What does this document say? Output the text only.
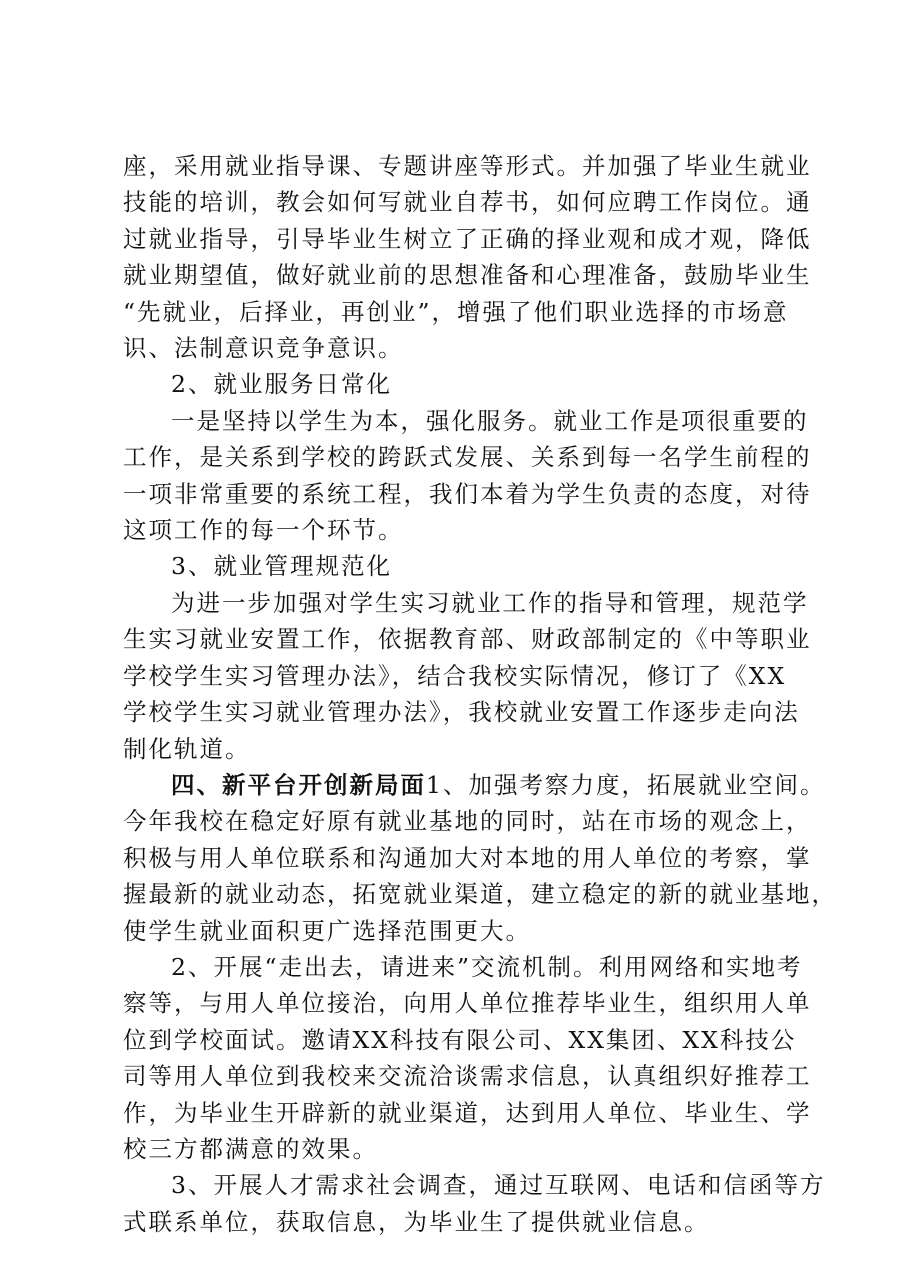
座，采用就业指导课、专题讲座等形式。并加强了毕业生就业
技能的培训，教会如何写就业自荐书，如何应聘工作岗位。通
过就业指导，引导毕业生树立了正确的择业观和成才观，降低
就业期望值，做好就业前的思想准备和心理准备，鼓励毕业生
“先就业，后择业，再创业”，增强了他们职业选择的市场意
识、法制意识竞争意识。

2、就业服务日常化

一是坚持以学生为本，强化服务。就业工作是项很重要的
工作，是关系到学校的跨跃式发展、关系到每一名学生前程的
一项非常重要的系统工程，我们本着为学生负责的态度，对待
这项工作的每一个环节。

3、就业管理规范化

为进一步加强对学生实习就业工作的指导和管理，规范学
生实习就业安置工作，依据教育部、财政部制定的《中等职业
学校学生实习管理办法》，结合我校实际情况，修订了《XX
学校学生实习就业管理办法》，我校就业安置工作逐步走向法
制化轨道。

四、新平台开创新局面1、加强考察力度，拓展就业空间。
今年我校在稳定好原有就业基地的同时，站在市场的观念上，
积极与用人单位联系和沟通加大对本地的用人单位的考察，掌
握最新的就业动态，拓宽就业渠道，建立稳定的新的就业基地，
使学生就业面积更广选择范围更大。

2、开展“走出去，请进来”交流机制。利用网络和实地考
察等，与用人单位接治，向用人单位推荐毕业生，组织用人单
位到学校面试。邀请XX科技有限公司、XX集团、XX科技公
司等用人单位到我校来交流洽谈需求信息，认真组织好推荐工
作，为毕业生开辟新的就业渠道，达到用人单位、毕业生、学
校三方都满意的效果。

3、开展人才需求社会调查，通过互联网、电话和信函等方
式联系单位，获取信息，为毕业生了提供就业信息。
